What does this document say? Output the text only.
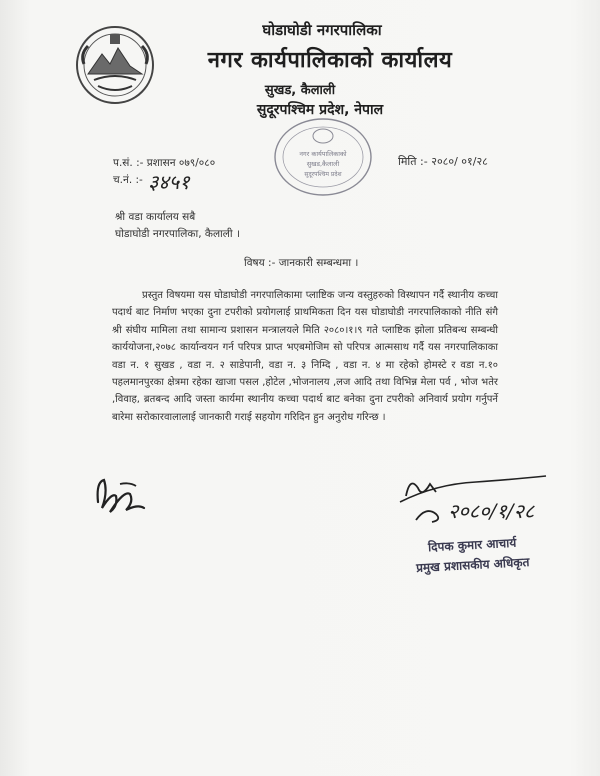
घोडाघोडी नगरपालिका
नगर कार्यपालिकाको कार्यालय
सुखड, कैलाली
सुदूरपश्चिम प्रदेश, नेपाल
नगर कार्यपालिकाको
सुखड,कैलाली
सुदूरपश्चिम प्रदेश
प.सं. :- प्रशासन ०७९/०८०
च.नं. :- ३४५१
मिति :- २०८०/ ०१/२८
श्री वडा कार्यालय सबै
घोडाघोडी नगरपालिका, कैलाली ।
विषय :- जानकारी सम्बन्धमा ।
प्रस्तुत विषयमा यस घोडाघोडी नगरपालिकामा प्लाष्टिक जन्य वस्तुहरुको विस्थापन गर्दै स्थानीय कच्चा पदार्थ बाट निर्माण भएका दुना टपरीको प्रयोगलाई प्राथमिकता दिन यस घोडाघोडी नगरपालिकाको नीति संगै श्री संघीय मामिला तथा सामान्य प्रशासन मन्त्रालयले मिति २०८०।१।९ गते प्लाष्टिक झोला प्रतिबन्ध सम्बन्धी कार्ययोजना,२०७८ कार्यान्वयन गर्न परिपत्र प्राप्त भएबमोजिम सो परिपत्र आत्मसाथ गर्दै यस नगरपालिकाका वडा न. १ सुखड , वडा न. २ साडेपानी, वडा न. ३ निम्दि , वडा न. ४ मा रहेको होमस्टे र वडा न.१० पहलमानपुरका क्षेत्रमा रहेका खाजा पसल ,होटेल ,भोजनालय ,लज आदि तथा विभिन्न मेला पर्व , भोज भतेर ,विवाह, ब्रतबन्द आदि जस्ता कार्यमा स्थानीय कच्चा पदार्थ बाट बनेका दुना टपरीको अनिवार्य प्रयोग गर्नुपर्ने बारेमा सरोकारवालालाई जानकारी गराई सहयोग गरिदिन हुन अनुरोध गरिन्छ ।
२०८०/१/२८
दिपक कुमार आचार्य
प्रमुख प्रशासकीय अधिकृत
